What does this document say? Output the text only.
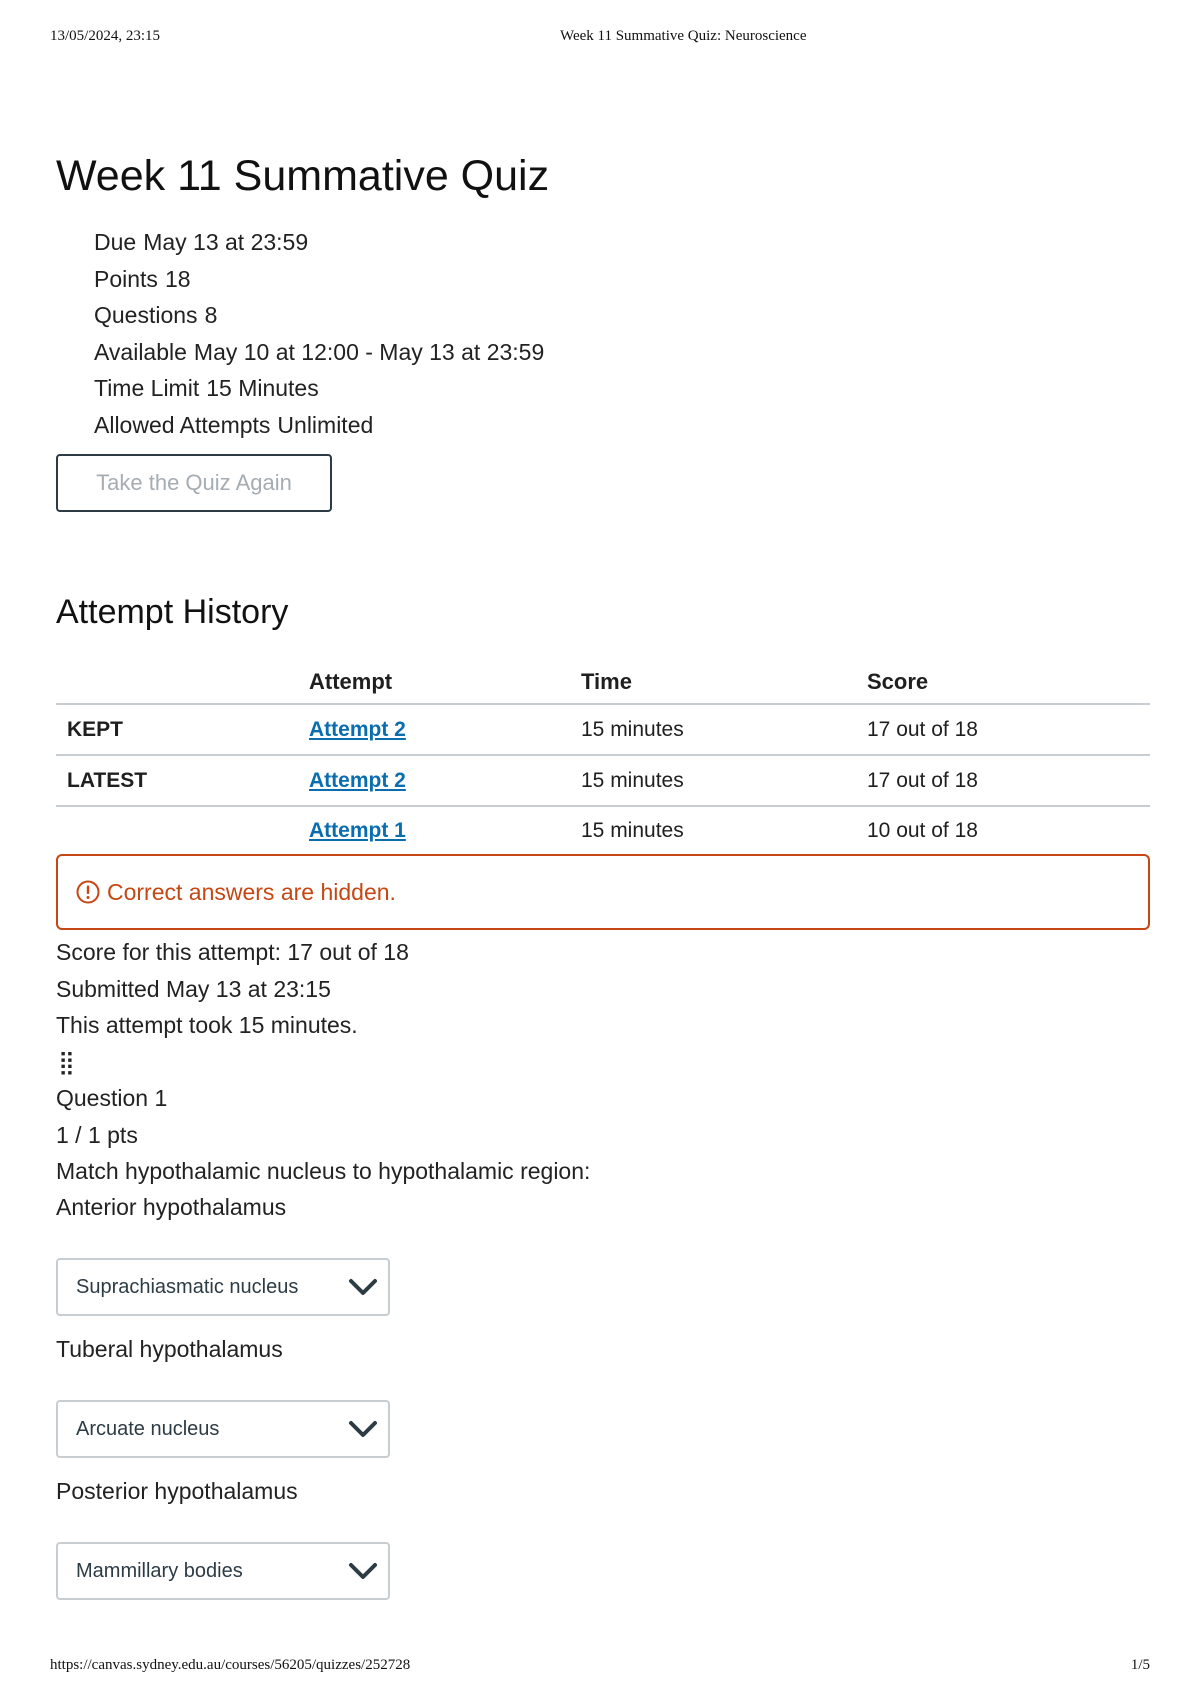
13/05/2024, 23:15	Week 11 Summative Quiz: Neuroscience
Week 11 Summative Quiz
Due May 13 at 23:59
Points 18
Questions 8
Available May 10 at 12:00 - May 13 at 23:59
Time Limit 15 Minutes
Allowed Attempts Unlimited
Take the Quiz Again
Attempt History
	Attempt	Time	Score
KEPT	Attempt 2	15 minutes	17 out of 18
LATEST	Attempt 2	15 minutes	17 out of 18
	Attempt 1	15 minutes	10 out of 18
Correct answers are hidden.
Score for this attempt: 17 out of 18
Submitted May 13 at 23:15
This attempt took 15 minutes.
⣿
Question 1
1 / 1 pts
Match hypothalamic nucleus to hypothalamic region:
Anterior hypothalamus
Suprachiasmatic nucleus
Tuberal hypothalamus
Arcuate nucleus
Posterior hypothalamus
Mammillary bodies
https://canvas.sydney.edu.au/courses/56205/quizzes/252728	1/5
